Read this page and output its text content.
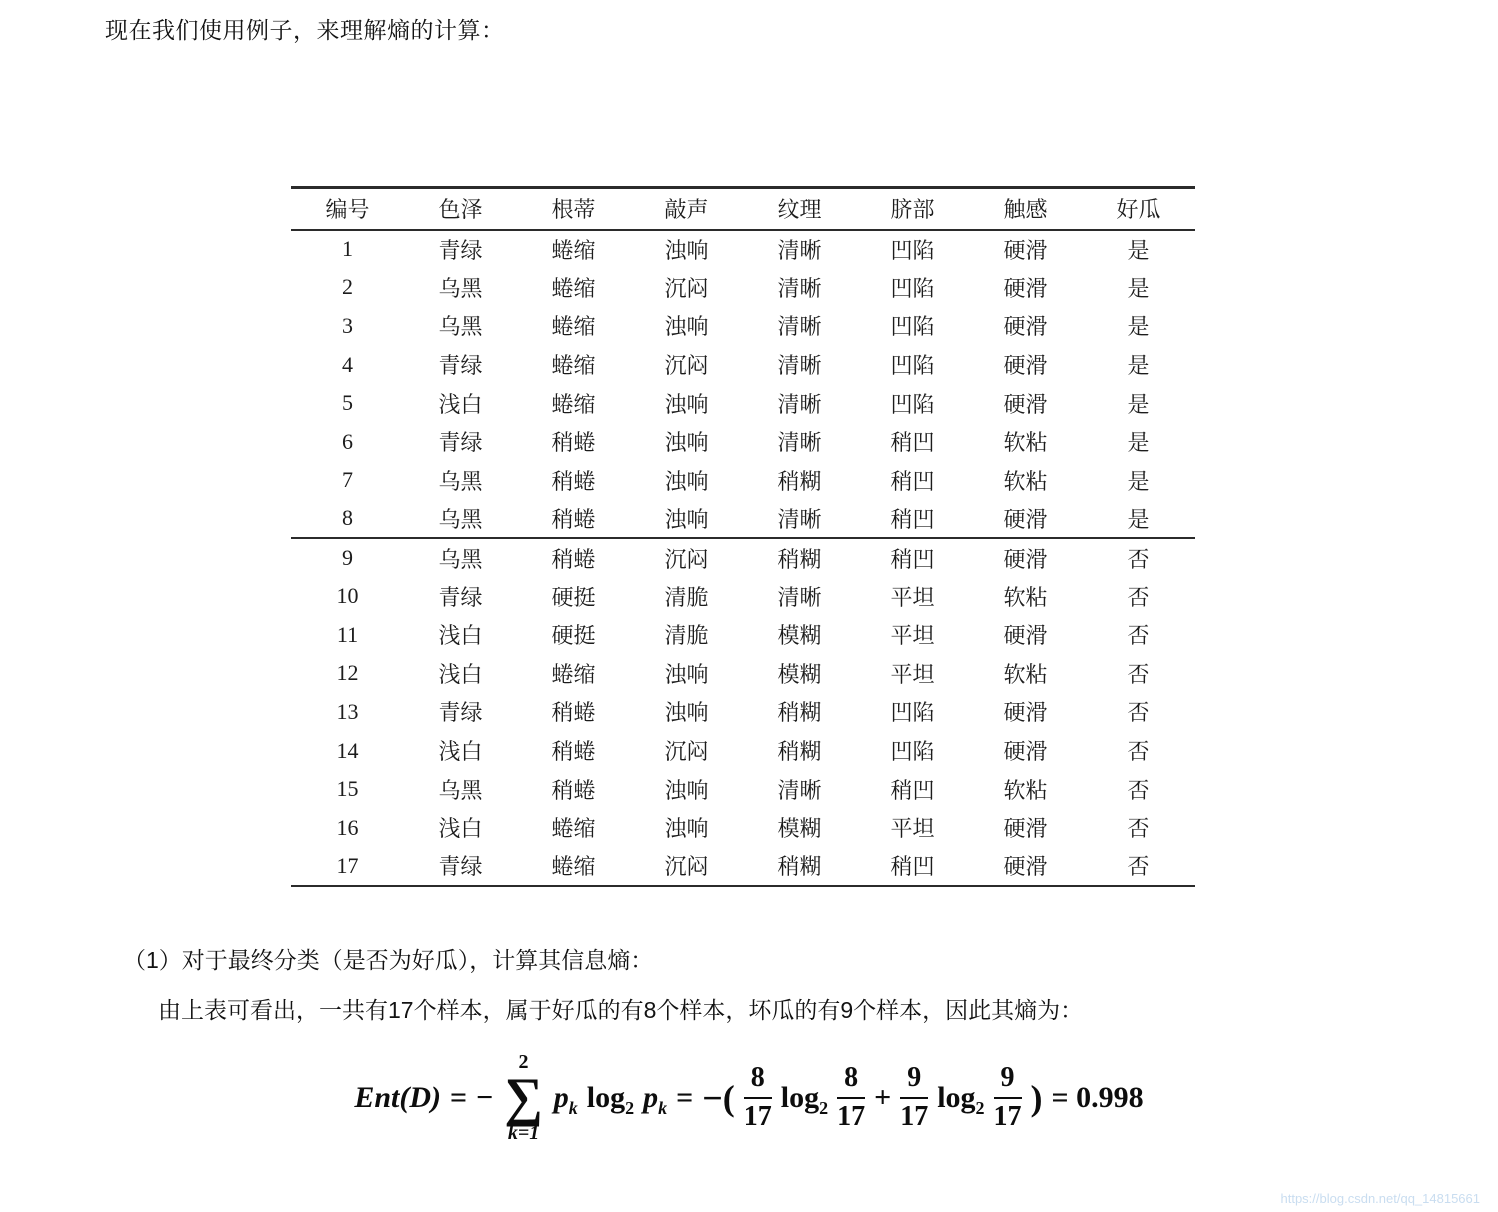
现在我们使用例子，来理解熵的计算：
编号	色泽	根蒂	敲声	纹理	脐部	触感	好瓜
1	青绿	蜷缩	浊响	清晰	凹陷	硬滑	是
2	乌黑	蜷缩	沉闷	清晰	凹陷	硬滑	是
3	乌黑	蜷缩	浊响	清晰	凹陷	硬滑	是
4	青绿	蜷缩	沉闷	清晰	凹陷	硬滑	是
5	浅白	蜷缩	浊响	清晰	凹陷	硬滑	是
6	青绿	稍蜷	浊响	清晰	稍凹	软粘	是
7	乌黑	稍蜷	浊响	稍糊	稍凹	软粘	是
8	乌黑	稍蜷	浊响	清晰	稍凹	硬滑	是
9	乌黑	稍蜷	沉闷	稍糊	稍凹	硬滑	否
10	青绿	硬挺	清脆	清晰	平坦	软粘	否
11	浅白	硬挺	清脆	模糊	平坦	硬滑	否
12	浅白	蜷缩	浊响	模糊	平坦	软粘	否
13	青绿	稍蜷	浊响	稍糊	凹陷	硬滑	否
14	浅白	稍蜷	沉闷	稍糊	凹陷	硬滑	否
15	乌黑	稍蜷	浊响	清晰	稍凹	软粘	否
16	浅白	蜷缩	浊响	模糊	平坦	硬滑	否
17	青绿	蜷缩	沉闷	稍糊	稍凹	硬滑	否
（1）对于最终分类（是否为好瓜），计算其信息熵：
由上表可看出，一共有17个样本，属于好瓜的有8个样本，坏瓜的有9个样本，因此其熵为：
Ent(D) = −
2
∑
k=1
$p_k$ $\log_2 p_k$ = −( $\frac{8}{17} \log_2 \frac{8}{17} + \frac{9}{17} \log_2 \frac{9}{17}$ ) = 0.998
https://blog.csdn.net/qq_14815661
